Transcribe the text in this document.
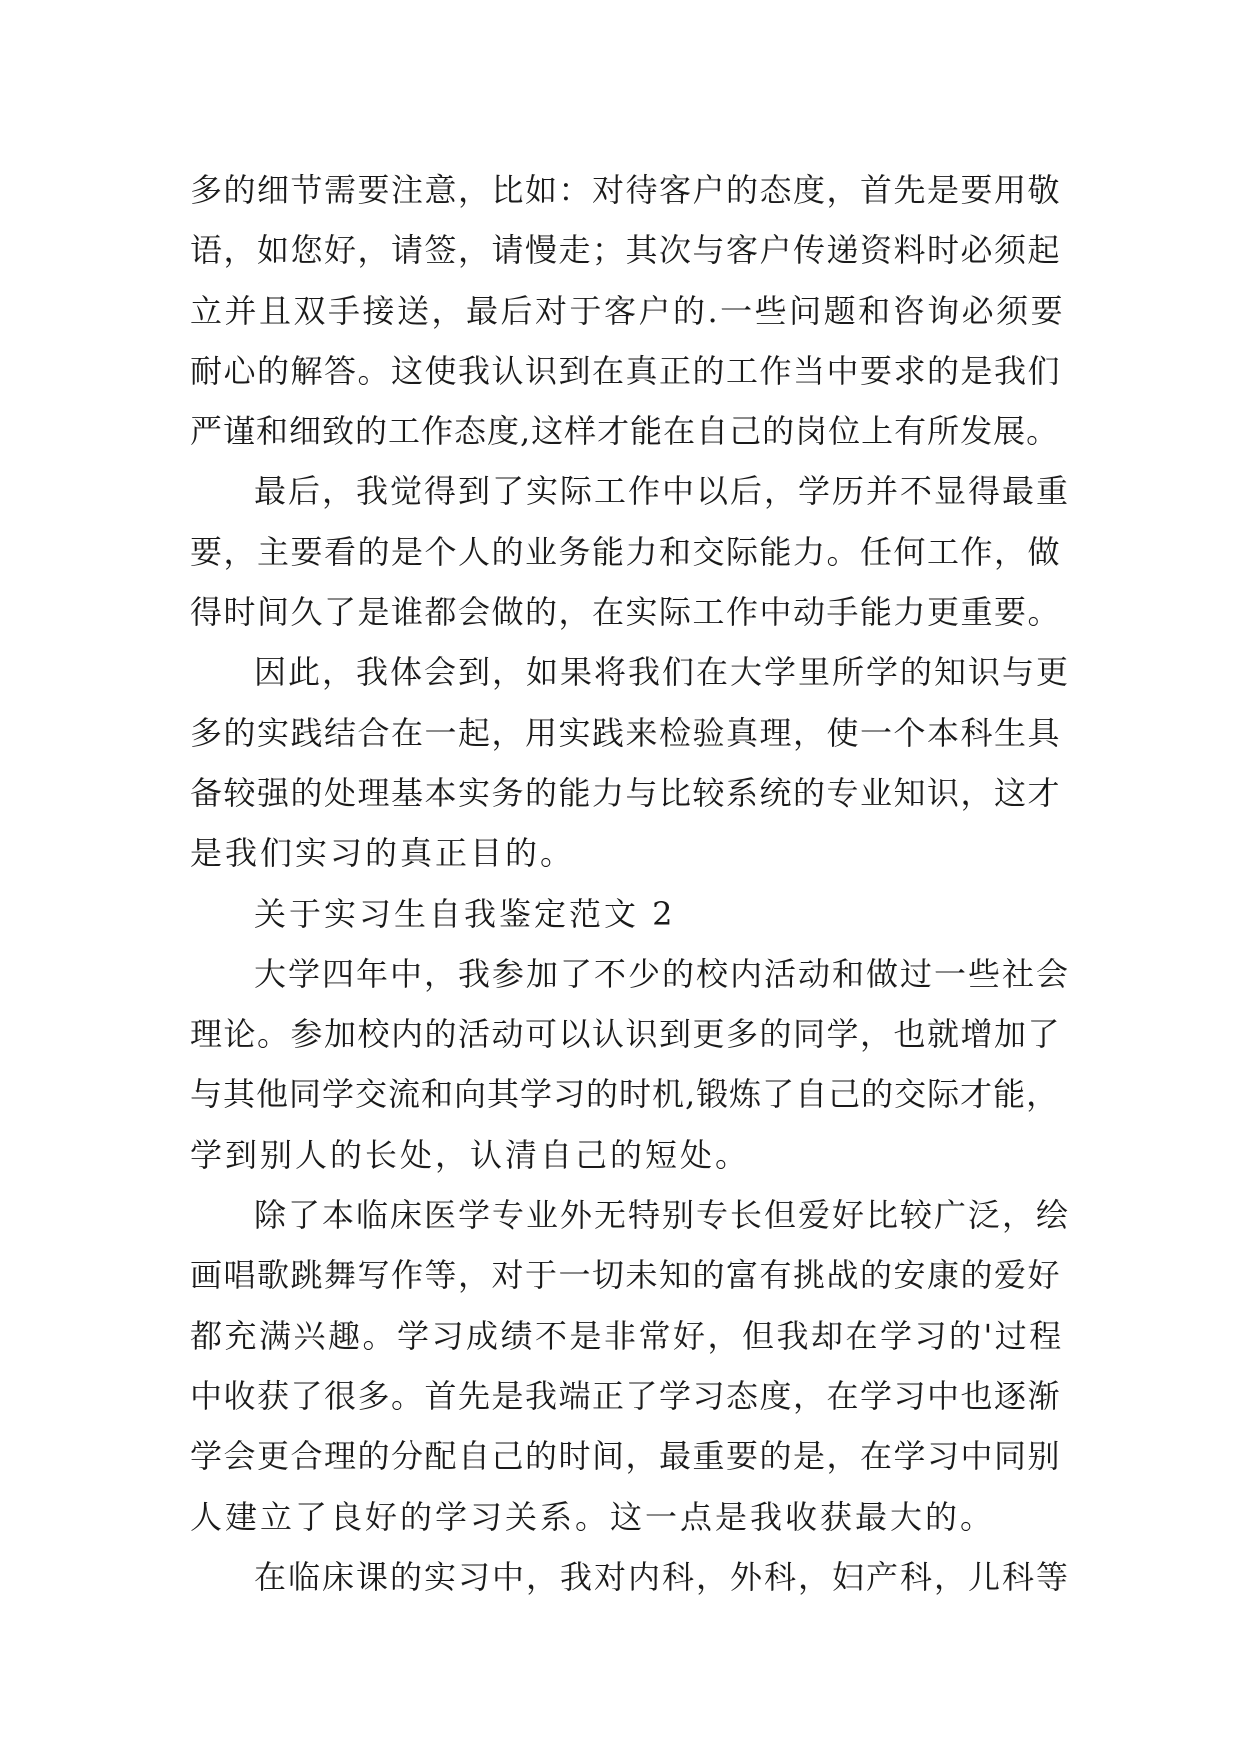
多的细节需要注意，比如：对待客户的态度，首先是要用敬
语，如您好，请签，请慢走；其次与客户传递资料时必须起
立并且双手接送，最后对于客户的.一些问题和咨询必须要
耐心的解答。这使我认识到在真正的工作当中要求的是我们
严谨和细致的工作态度,这样才能在自己的岗位上有所发展。
最后，我觉得到了实际工作中以后，学历并不显得最重
要，主要看的是个人的业务能力和交际能力。任何工作，做
得时间久了是谁都会做的，在实际工作中动手能力更重要。
因此，我体会到，如果将我们在大学里所学的知识与更
多的实践结合在一起，用实践来检验真理，使一个本科生具
备较强的处理基本实务的能力与比较系统的专业知识，这才
是我们实习的真正目的。
关于实习生自我鉴定范文 2
大学四年中，我参加了不少的校内活动和做过一些社会
理论。参加校内的活动可以认识到更多的同学，也就增加了
与其他同学交流和向其学习的时机,锻炼了自己的交际才能，
学到别人的长处，认清自己的短处。
除了本临床医学专业外无特别专长但爱好比较广泛，绘
画唱歌跳舞写作等，对于一切未知的富有挑战的安康的爱好
都充满兴趣。学习成绩不是非常好，但我却在学习的'过程
中收获了很多。首先是我端正了学习态度，在学习中也逐渐
学会更合理的分配自己的时间，最重要的是，在学习中同别
人建立了良好的学习关系。这一点是我收获最大的。
在临床课的实习中，我对内科，外科，妇产科，儿科等
